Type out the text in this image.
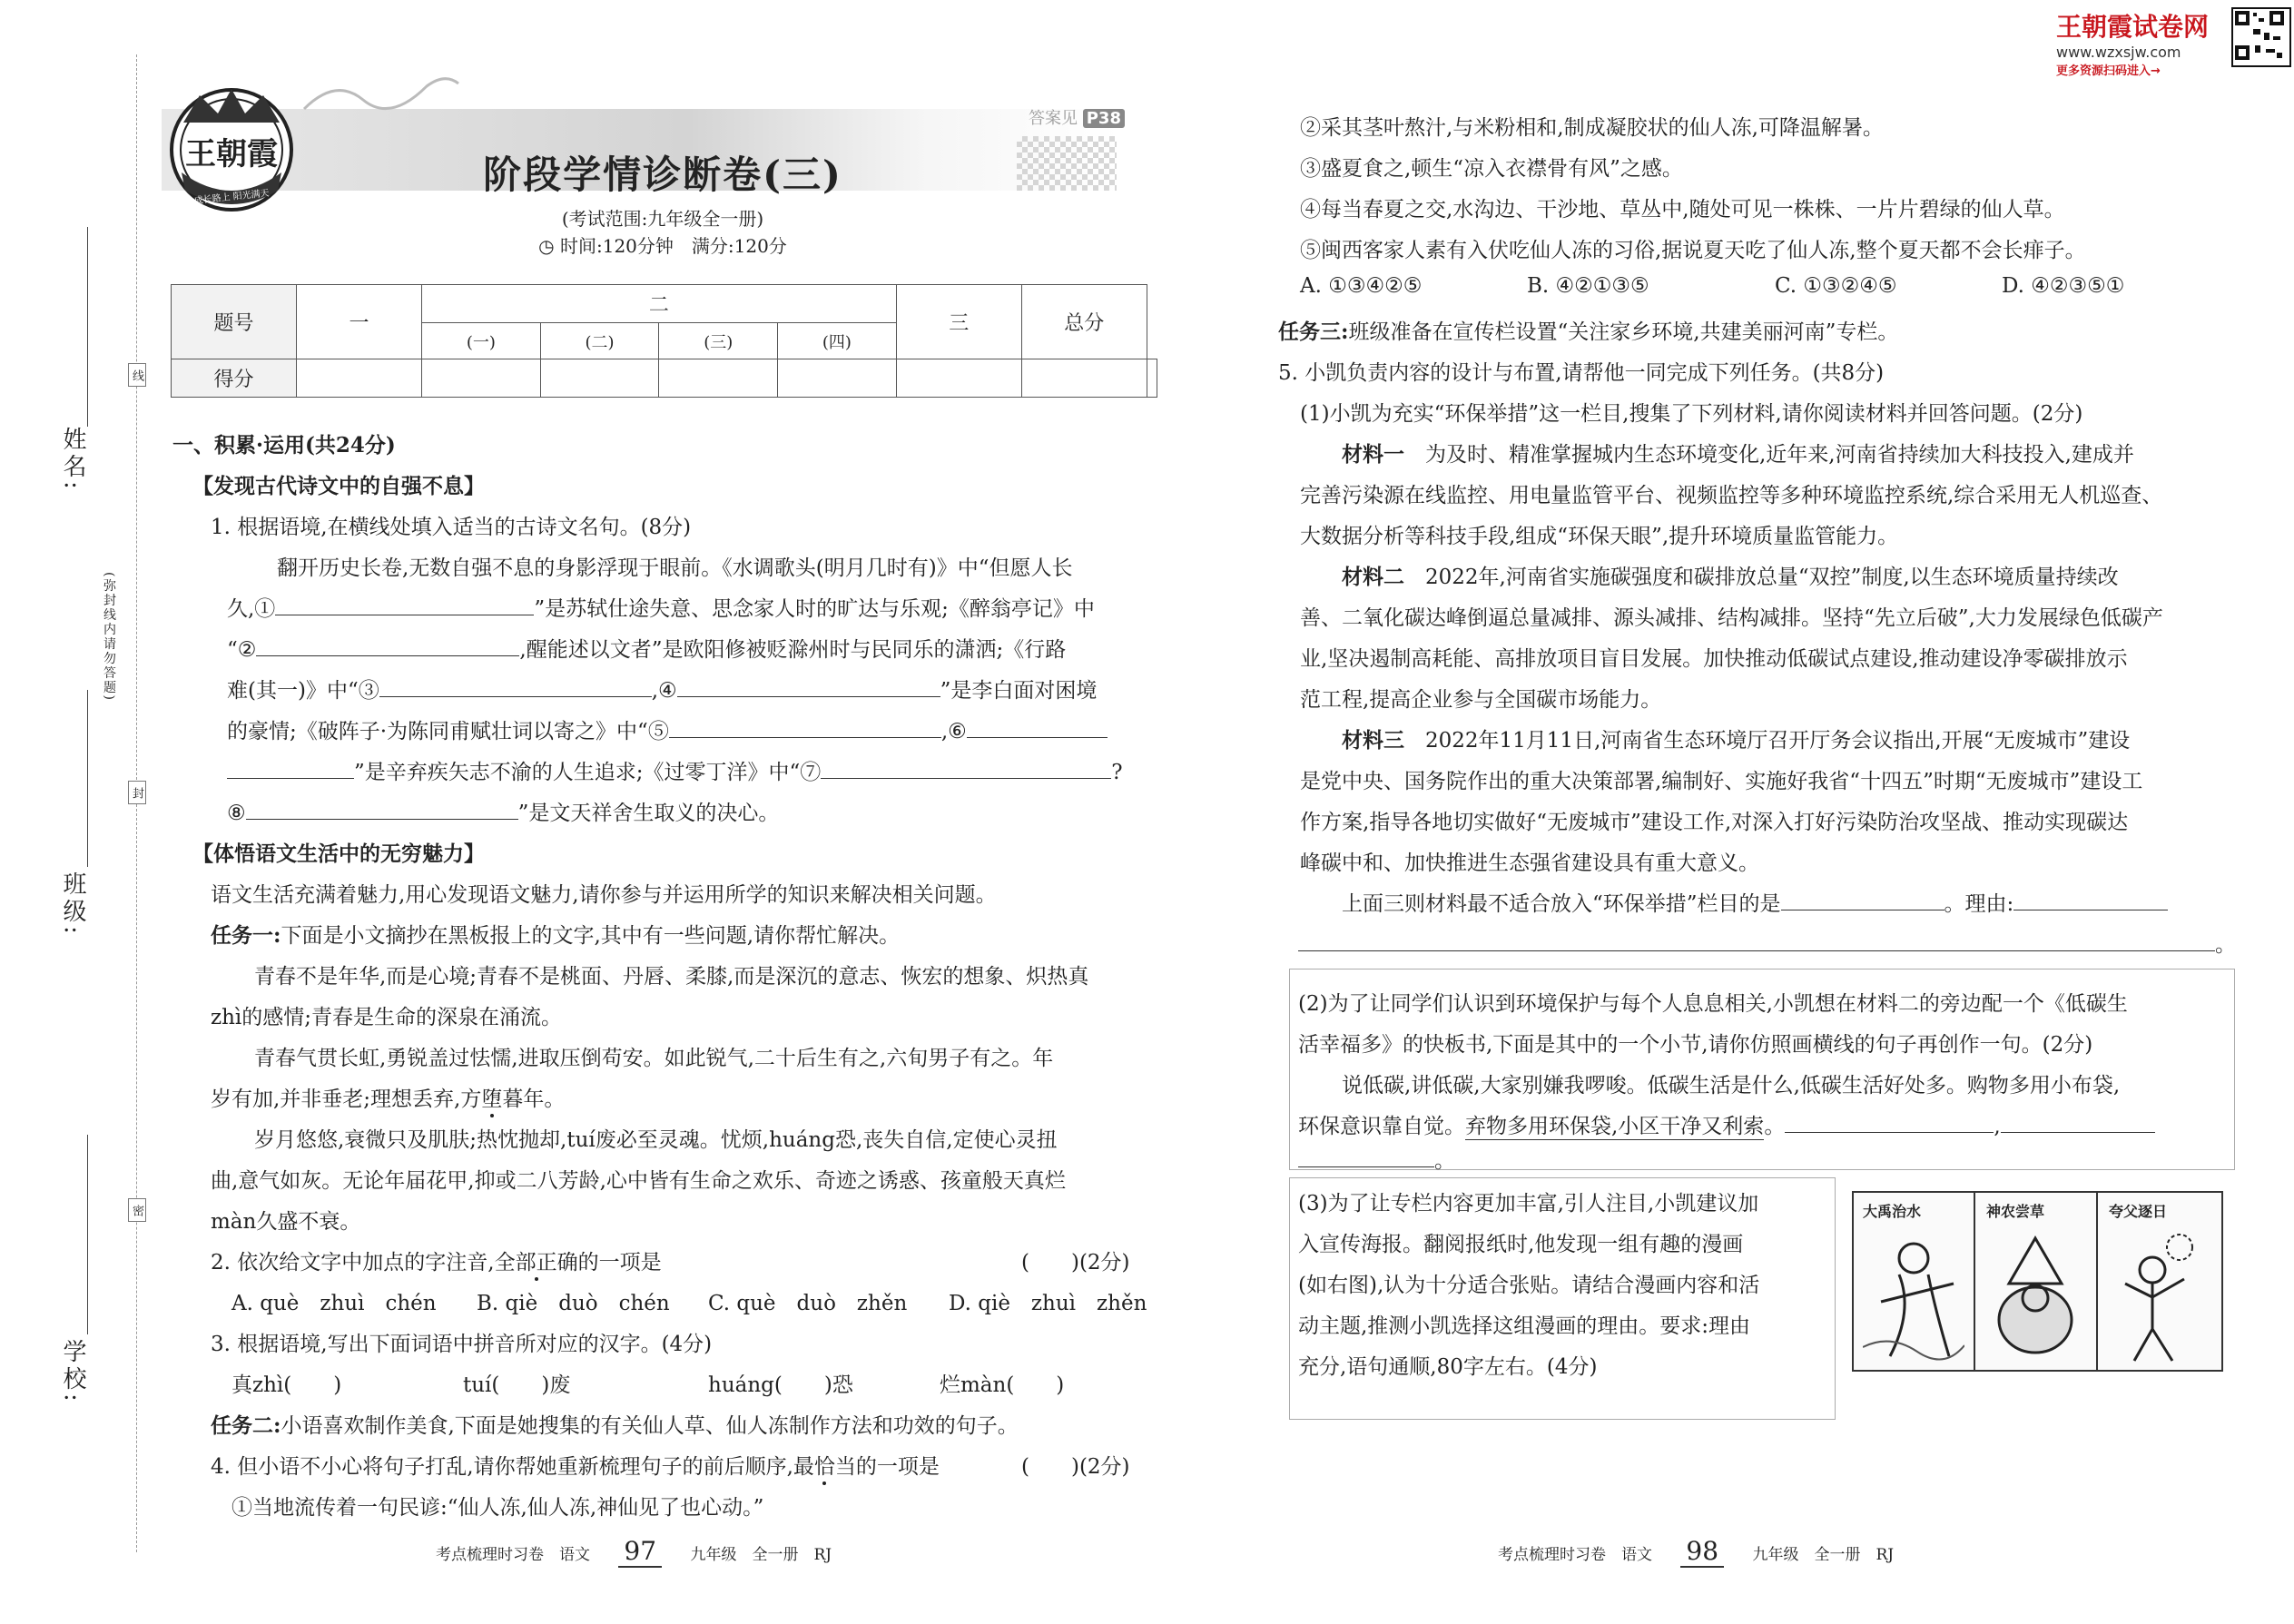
线
封
密
(弥封线内请勿答题)
姓名:
班级:
学校:
王朝霞
成长路上 阳光满天
答案见 P38
阶段学情诊断卷(三)
(考试范围:九年级全一册)
◷ 时间:120分钟　满分:120分
题号	一	二				三	总分	
		(一)	(二)	(三)	(四)			
得分								
一、积累·运用(共24分)
【发现古代诗文中的自强不息】
1. 根据语境,在横线处填入适当的古诗文名句。(8分)
翻开历史长卷,无数自强不息的身影浮现于眼前。《水调歌头(明月几时有)》中“但愿人长
久,①	”是苏轼仕途失意、思念家人时的旷达与乐观;《醉翁亭记》中
“②	,醒能述以文者”是欧阳修被贬滁州时与民同乐的潇洒;《行路
难(其一)》中“③	,④	”是李白面对困境
的豪情;《破阵子·为陈同甫赋壮词以寄之》中“⑤	,⑥
”是辛弃疾矢志不渝的人生追求;《过零丁洋》中“⑦	?
⑧	”是文天祥舍生取义的决心。
【体悟语文生活中的无穷魅力】
语文生活充满着魅力,用心发现语文魅力,请你参与并运用所学的知识来解决相关问题。
任务一:下面是小文摘抄在黑板报上的文字,其中有一些问题,请你帮忙解决。
青春不是年华,而是心境;青春不是桃面、丹唇、柔膝,而是深沉的意志、恢宏的想象、炽热真
zhì的感情;青春是生命的深泉在涌流。
青春气贯长虹,勇锐盖过怯懦,进取压倒苟安。如此锐气,二十后生有之,六旬男子有之。年
岁有加,并非垂老;理想丢弃,方堕暮年。
岁月悠悠,衰微只及肌肤;热忱抛却,tuí废必至灵魂。忧烦,huáng恐,丧失自信,定使心灵扭
曲,意气如灰。无论年届花甲,抑或二八芳龄,心中皆有生命之欢乐、奇迹之诱惑、孩童般天真烂
màn久盛不衰。
2. 依次给文字中加点的字注音,全部正确的一项是	(　　)(2分)
A. què　zhuì　chén B. qiè　duò　chén C. què　duò　zhěn D. qiè　zhuì　zhěn
3. 根据语境,写出下面词语中拼音所对应的汉字。(4分)
真zhì(　　)	tuí(　　)废	huáng(　　)恐	烂màn(　　)
任务二:小语喜欢制作美食,下面是她搜集的有关仙人草、仙人冻制作方法和功效的句子。
4. 但小语不小心将句子打乱,请你帮她重新梳理句子的前后顺序,最恰当的一项是	(　　)(2分)
①当地流传着一句民谚:“仙人冻,仙人冻,神仙见了也心动。”
考点梳理时习卷　语文 97 九年级　全一册　RJ
王朝霞试卷网
www.wzxsjw.com
更多资源扫码进入→
②采其茎叶熬汁,与米粉相和,制成凝胶状的仙人冻,可降温解暑。
③盛夏食之,顿生“凉入衣襟骨有风”之感。
④每当春夏之交,水沟边、干沙地、草丛中,随处可见一株株、一片片碧绿的仙人草。
⑤闽西客家人素有入伏吃仙人冻的习俗,据说夏天吃了仙人冻,整个夏天都不会长痱子。
A. ①③④②⑤	B. ④②①③⑤	C. ①③②④⑤	D. ④②③⑤①
任务三:班级准备在宣传栏设置“关注家乡环境,共建美丽河南”专栏。
5. 小凯负责内容的设计与布置,请帮他一同完成下列任务。(共8分)
(1)小凯为充实“环保举措”这一栏目,搜集了下列材料,请你阅读材料并回答问题。(2分)
材料一　 为及时、精准掌握城内生态环境变化,近年来,河南省持续加大科技投入,建成并
完善污染源在线监控、用电量监管平台、视频监控等多种环境监控系统,综合采用无人机巡查、
大数据分析等科技手段,组成“环保天眼”,提升环境质量监管能力。
材料二　 2022年,河南省实施碳强度和碳排放总量“双控”制度,以生态环境质量持续改
善、二氧化碳达峰倒逼总量减排、源头减排、结构减排。坚持“先立后破”,大力发展绿色低碳产
业,坚决遏制高耗能、高排放项目盲目发展。加快推动低碳试点建设,推动建设净零碳排放示
范工程,提高企业参与全国碳市场能力。
材料三　 2022年11月11日,河南省生态环境厅召开厅务会议指出,开展“无废城市”建设
是党中央、国务院作出的重大决策部署,编制好、实施好我省“十四五”时期“无废城市”建设工
作方案,指导各地切实做好“无废城市”建设工作,对深入打好污染防治攻坚战、推动实现碳达
峰碳中和、加快推进生态强省建设具有重大意义。
上面三则材料最不适合放入“环保举措”栏目的是	。理由:
。
(2)为了让同学们认识到环境保护与每个人息息相关,小凯想在材料二的旁边配一个《低碳生
活幸福多》的快板书,下面是其中的一个小节,请你仿照画横线的句子再创作一句。(2分)
说低碳,讲低碳,大家别嫌我啰唆。低碳生活是什么,低碳生活好处多。购物多用小布袋,
环保意识靠自觉。弃物多用环保袋,小区干净又利索。	,
。
(3)为了让专栏内容更加丰富,引人注目,小凯建议加
入宣传海报。翻阅报纸时,他发现一组有趣的漫画
(如右图),认为十分适合张贴。请结合漫画内容和活
动主题,推测小凯选择这组漫画的理由。要求:理由
充分,语句通顺,80字左右。(4分)
大禹治水	神农尝草	夸父逐日
考点梳理时习卷　语文 98 九年级　全一册　RJ
